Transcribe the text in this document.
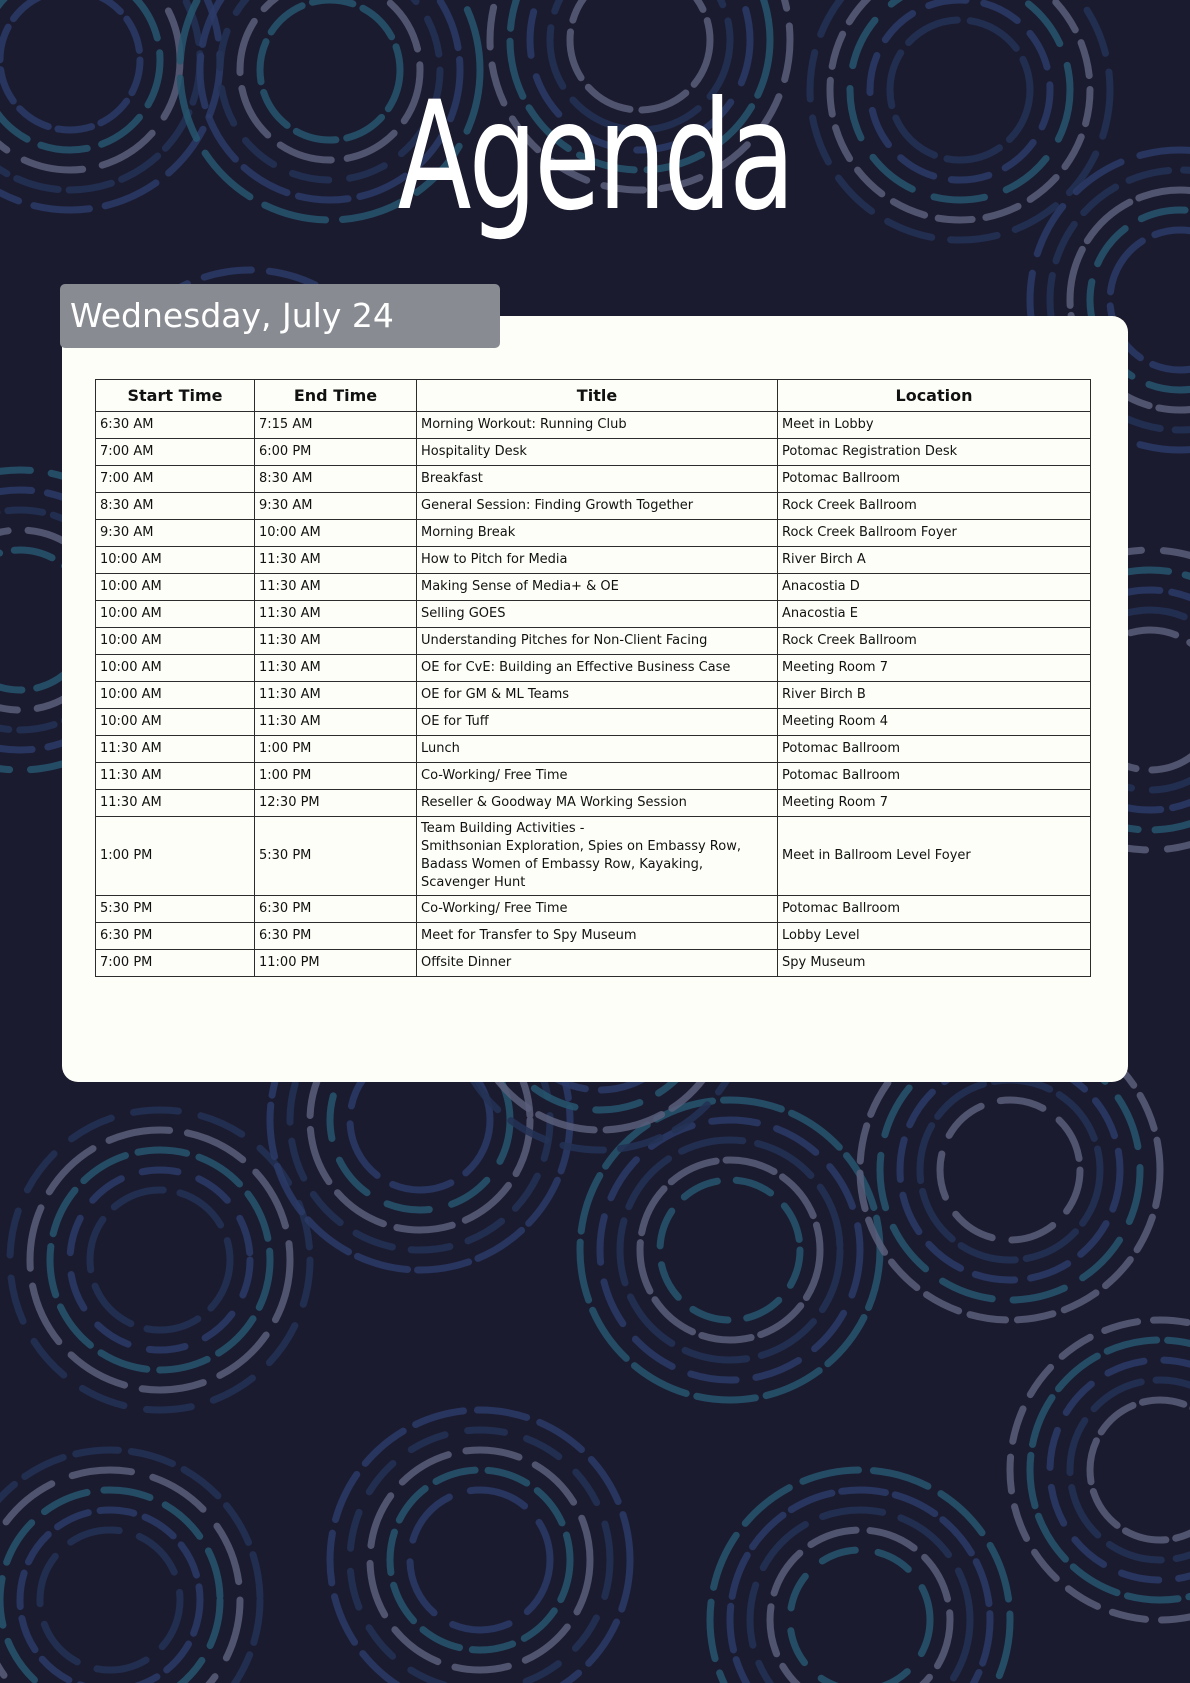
Agenda
Wednesday, July 24
Start Time	End Time	Title	Location
6:30 AM	7:15 AM	Morning Workout: Running Club	Meet in Lobby
7:00 AM	6:00 PM	Hospitality Desk	Potomac Registration Desk
7:00 AM	8:30 AM	Breakfast	Potomac Ballroom
8:30 AM	9:30 AM	General Session: Finding Growth Together	Rock Creek Ballroom
9:30 AM	10:00 AM	Morning Break	Rock Creek Ballroom Foyer
10:00 AM	11:30 AM	How to Pitch for Media	River Birch A
10:00 AM	11:30 AM	Making Sense of Media+ & OE	Anacostia D
10:00 AM	11:30 AM	Selling GOES	Anacostia E
10:00 AM	11:30 AM	Understanding Pitches for Non-Client Facing	Rock Creek Ballroom
10:00 AM	11:30 AM	OE for CvE: Building an Effective Business Case	Meeting Room 7
10:00 AM	11:30 AM	OE for GM & ML Teams	River Birch B
10:00 AM	11:30 AM	OE for Tuff	Meeting Room 4
11:30 AM	1:00 PM	Lunch	Potomac Ballroom
11:30 AM	1:00 PM	Co-Working/ Free Time	Potomac Ballroom
11:30 AM	12:30 PM	Reseller & Goodway MA Working Session	Meeting Room 7
1:00 PM	5:30 PM	Team Building Activities -
Smithsonian Exploration, Spies on Embassy Row, Badass Women of Embassy Row, Kayaking, Scavenger Hunt	Meet in Ballroom Level Foyer
5:30 PM	6:30 PM	Co-Working/ Free Time	Potomac Ballroom
6:30 PM	6:30 PM	Meet for Transfer to Spy Museum	Lobby Level
7:00 PM	11:00 PM	Offsite Dinner	Spy Museum
